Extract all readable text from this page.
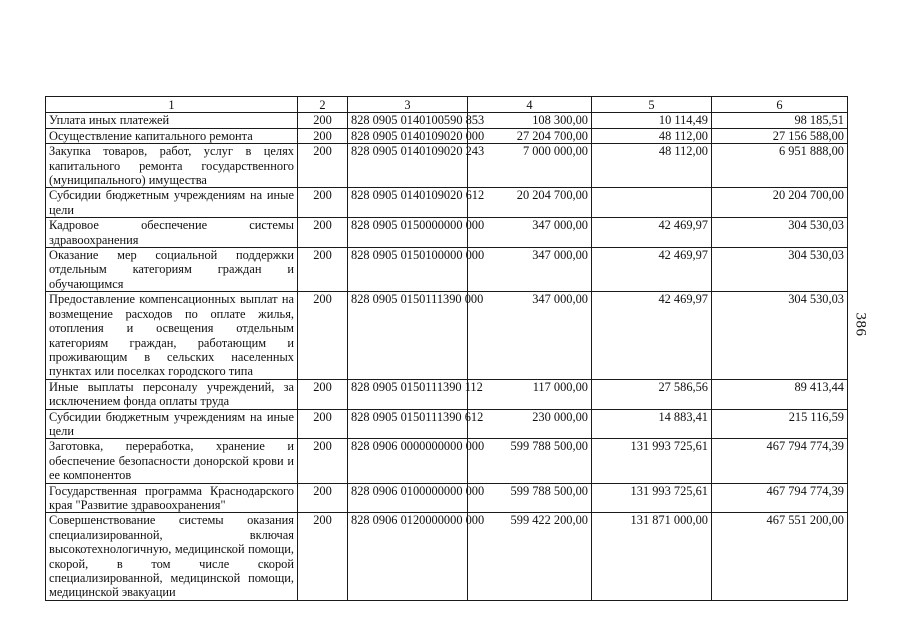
1	2	3	4	5	6
Уплата иных платежей	200	828 0905 0140100590 853	108 300,00	10 114,49	98 185,51
Осуществление капитального ремонта	200	828 0905 0140109020 000	27 204 700,00	48 112,00	27 156 588,00
Закупка товаров, работ, услуг в целях капитального ремонта государственного (муниципального) имущества	200	828 0905 0140109020 243	7 000 000,00	48 112,00	6 951 888,00
Субсидии бюджетным учреждениям на иные цели	200	828 0905 0140109020 612	20 204 700,00		20 204 700,00
Кадровое обеспечение системы здравоохранения	200	828 0905 0150000000 000	347 000,00	42 469,97	304 530,03
Оказание мер социальной поддержки отдельным категориям граждан и обучающимся	200	828 0905 0150100000 000	347 000,00	42 469,97	304 530,03
Предоставление компенсационных выплат на возмещение расходов по оплате жилья, отопления и освещения отдельным категориям граждан, работающим и проживающим в сельских населенных пунктах или поселках городского типа	200	828 0905 0150111390 000	347 000,00	42 469,97	304 530,03
Иные выплаты персоналу учреждений, за исключением фонда оплаты труда	200	828 0905 0150111390 112	117 000,00	27 586,56	89 413,44
Субсидии бюджетным учреждениям на иные цели	200	828 0905 0150111390 612	230 000,00	14 883,41	215 116,59
Заготовка, переработка, хранение и обеспечение безопасности донорской крови и ее компонентов	200	828 0906 0000000000 000	599 788 500,00	131 993 725,61	467 794 774,39
Государственная программа Краснодарского края "Развитие здравоохранения"	200	828 0906 0100000000 000	599 788 500,00	131 993 725,61	467 794 774,39
Совершенствование системы оказания специализированной, включая высокотехнологичную, медицинской помощи, скорой, в том числе скорой специализированной, медицинской помощи, медицинской эвакуации	200	828 0906 0120000000 000	599 422 200,00	131 871 000,00	467 551 200,00
386
